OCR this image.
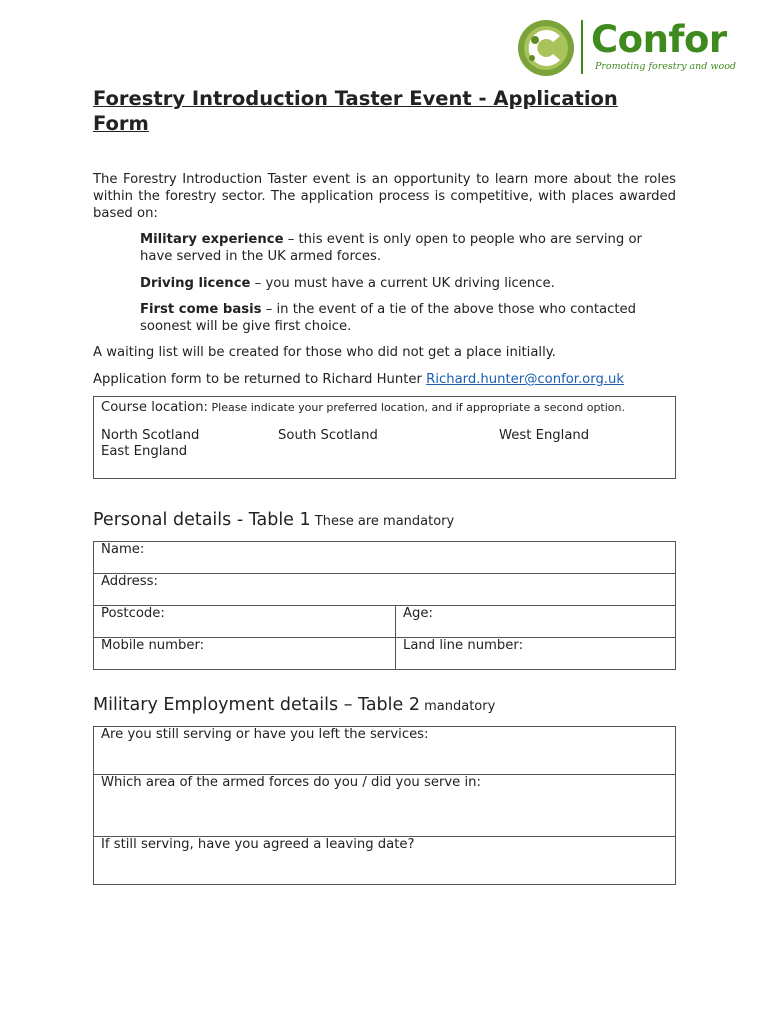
Confor
Promoting forestry and wood
Forestry Introduction Taster Event - Application
Form
The Forestry Introduction Taster event is an opportunity to learn more about the roles within the forestry sector. The application process is competitive, with places awarded based on:
Military experience – this event is only open to people who are serving or have served in the UK armed forces.
Driving licence – you must have a current UK driving licence.
First come basis – in the event of a tie of the above those who contacted soonest will be give first choice.
A waiting list will be created for those who did not get a place initially.
Application form to be returned to Richard Hunter Richard.hunter@confor.org.uk
Course location: Please indicate your preferred location, and if appropriate a second option.
North Scotland	South Scotland	West England
East England
Personal details - Table 1 These are mandatory
Name:	
Address:	
Postcode:	Age:
Mobile number:	Land line number:
Military Employment details – Table 2 mandatory
Are you still serving or have you left the services:
Which area of the armed forces do you / did you serve in:
If still serving, have you agreed a leaving date?
